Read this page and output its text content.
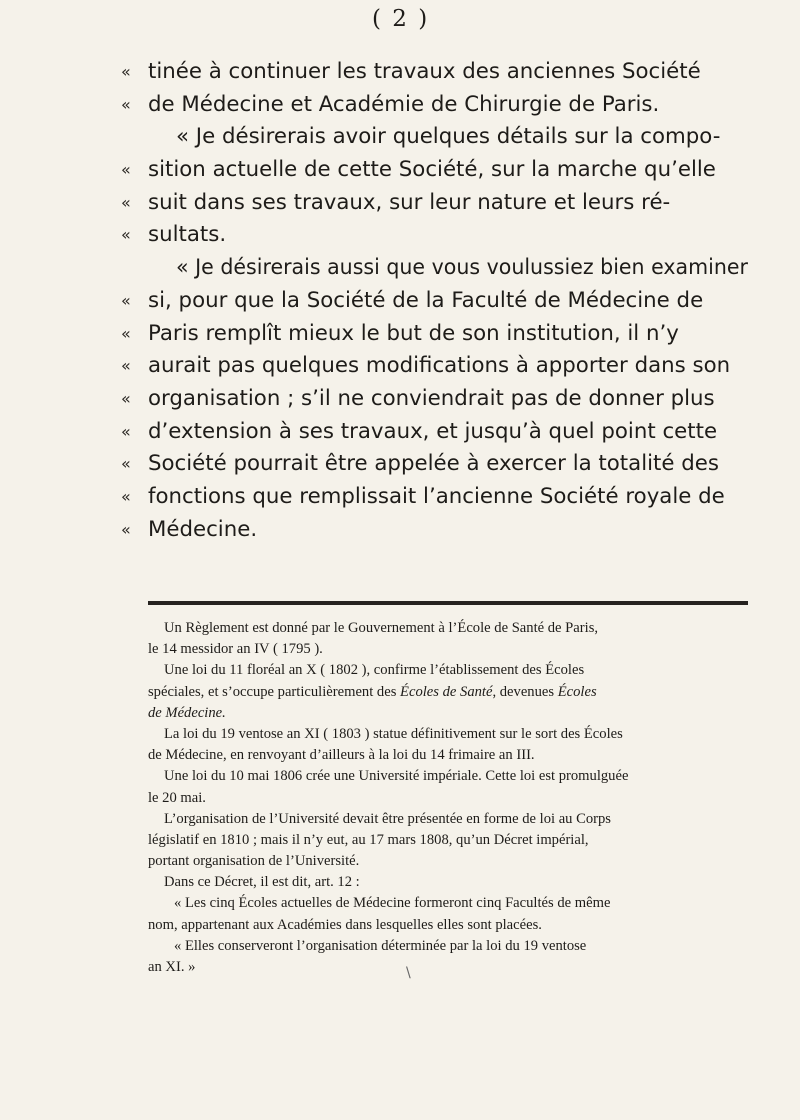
( 2 )
« tinée à continuer les travaux des anciennes Société
« de Médecine et Académie de Chirurgie de Paris.
« Je désirerais avoir quelques détails sur la compo-
« sition actuelle de cette Société, sur la marche qu’elle
« suit dans ses travaux, sur leur nature et leurs ré-
« sultats.
« Je désirerais aussi que vous voulussiez bien examiner
« si, pour que la Société de la Faculté de Médecine de
« Paris remplît mieux le but de son institution, il n’y
« aurait pas quelques modifications à apporter dans son
« organisation ; s’il ne conviendrait pas de donner plus
« d’extension à ses travaux, et jusqu’à quel point cette
« Société pourrait être appelée à exercer la totalité des
« fonctions que remplissait l’ancienne Société royale de
« Médecine.
Un Règlement est donné par le Gouvernement à l’École de Santé de Paris,
le 14 messidor an IV ( 1795 ).
Une loi du 11 floréal an X ( 1802 ), confirme l’établissement des Écoles
spéciales, et s’occupe particulièrement des Écoles de Santé, devenues Écoles
de Médecine.
La loi du 19 ventose an XI ( 1803 ) statue définitivement sur le sort des Écoles
de Médecine, en renvoyant d’ailleurs à la loi du 14 frimaire an III.
Une loi du 10 mai 1806 crée une Université impériale. Cette loi est promulguée
le 20 mai.
L’organisation de l’Université devait être présentée en forme de loi au Corps
législatif en 1810 ; mais il n’y eut, au 17 mars 1808, qu’un Décret impérial,
portant organisation de l’Université.
Dans ce Décret, il est dit, art. 12 :
« Les cinq Écoles actuelles de Médecine formeront cinq Facultés de même
nom, appartenant aux Académies dans lesquelles elles sont placées.
« Elles conserveront l’organisation déterminée par la loi du 19 ventose
an XI. »	\
